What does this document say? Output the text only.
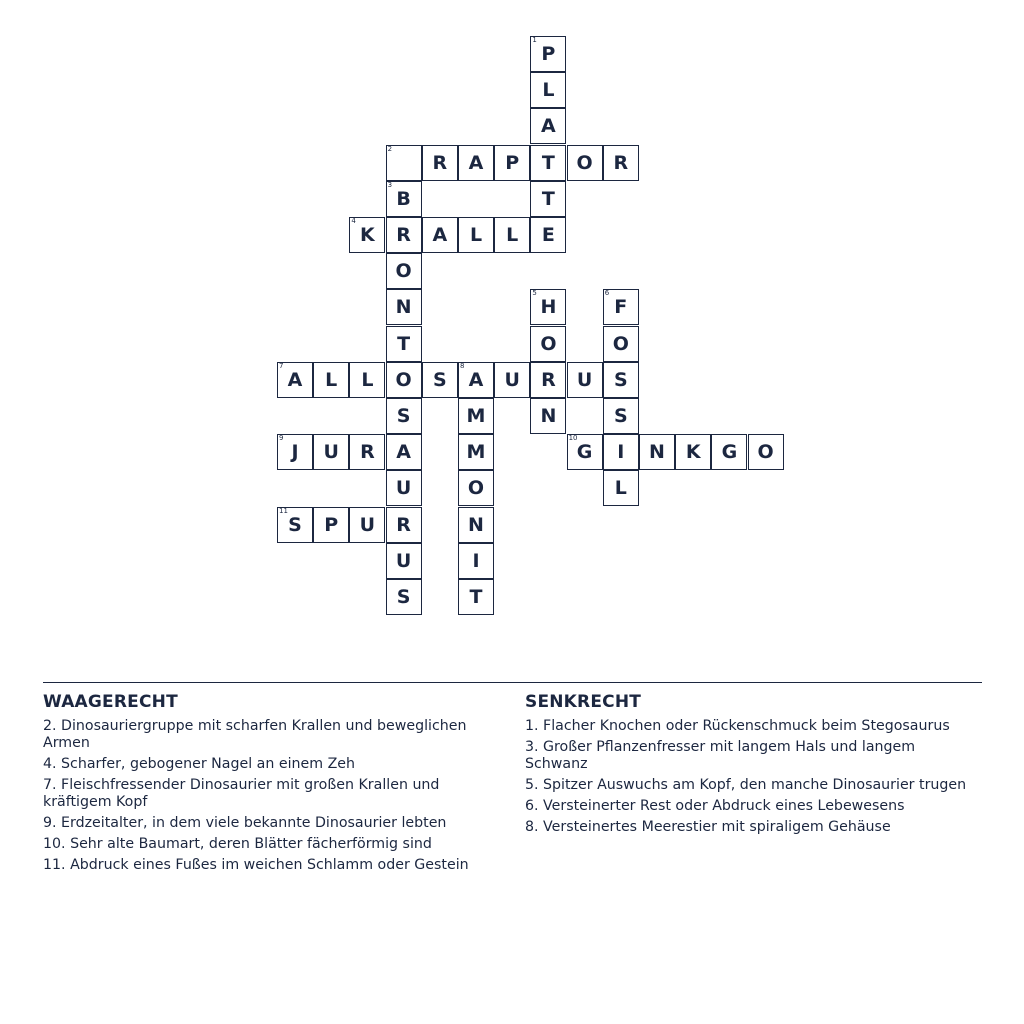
1
P
L
A
2
R	A	P	T	O	R
3
B	T
4
K	R	A	L	L	E
O
N
5
H
6
F
T	O	O
7
A	L	L	O	S
8
A	U	R	U	S
S	M	N	S
9
J	U	R	A	M
10
G	I	N	K	G	O
U	O	L
11
S	P	U	R	N
U	I
S	T
WAAGERECHT
2. Dinosauriergruppe mit scharfen Krallen und beweglichen Armen
4. Scharfer, gebogener Nagel an einem Zeh
7. Fleischfressender Dinosaurier mit großen Krallen und kräftigem Kopf
9. Erdzeitalter, in dem viele bekannte Dinosaurier lebten
10. Sehr alte Baumart, deren Blätter fächerförmig sind
11. Abdruck eines Fußes im weichen Schlamm oder Gestein
SENKRECHT
1. Flacher Knochen oder Rückenschmuck beim Stegosaurus
3. Großer Pflanzenfresser mit langem Hals und langem Schwanz
5. Spitzer Auswuchs am Kopf, den manche Dinosaurier trugen
6. Versteinerter Rest oder Abdruck eines Lebewesens
8. Versteinertes Meerestier mit spiraligem Gehäuse
